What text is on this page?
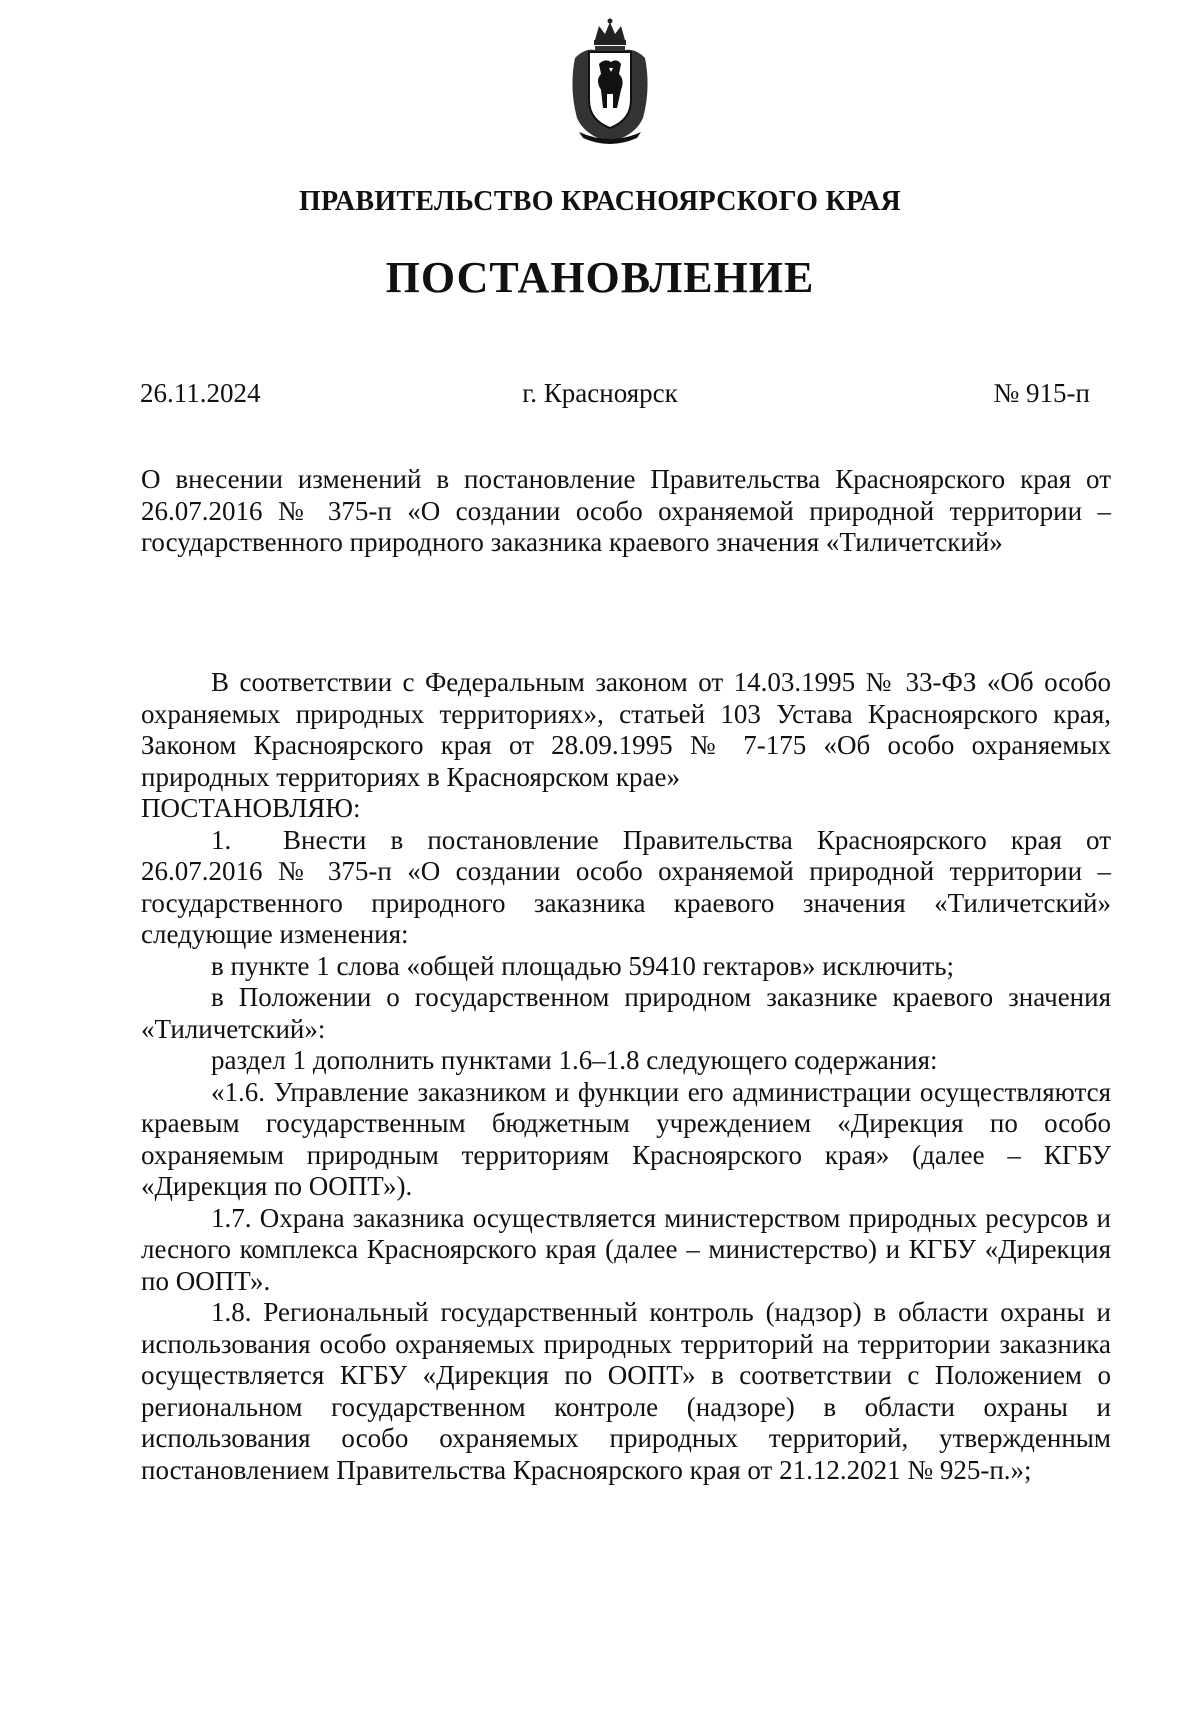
ПРАВИТЕЛЬСТВО КРАСНОЯРСКОГО КРАЯ
ПОСТАНОВЛЕНИЕ
26.11.2024	г. Красноярск	№ 915-п

О внесении изменений в постановление Правительства Красноярского края от 26.07.2016 № 375-п «О создании особо охраняемой природной территории – государственного природного заказника краевого значения «Тиличетский»

В соответствии с Федеральным законом от 14.03.1995 № 33-ФЗ «Об особо охраняемых природных территориях», статьей 103 Устава Красноярского края, Законом Красноярского края от 28.09.1995 № 7-175 «Об особо охраняемых природных территориях в Красноярском крае»

ПОСТАНОВЛЯЮ:

1. Внести в постановление Правительства Красноярского края от 26.07.2016 № 375-п «О создании особо охраняемой природной территории – государственного природного заказника краевого значения «Тиличетский» следующие изменения:

в пункте 1 слова «общей площадью 59410 гектаров» исключить;

в Положении о государственном природном заказнике краевого значения «Тиличетский»:

раздел 1 дополнить пунктами 1.6–1.8 следующего содержания:

«1.6. Управление заказником и функции его администрации осуществляются краевым государственным бюджетным учреждением «Дирекция по особо охраняемым природным территориям Красноярского края» (далее – КГБУ «Дирекция по ООПТ»).

1.7. Охрана заказника осуществляется министерством природных ресурсов и лесного комплекса Красноярского края (далее – министерство) и КГБУ «Дирекция по ООПТ».

1.8. Региональный государственный контроль (надзор) в области охраны и использования особо охраняемых природных территорий на территории заказника осуществляется КГБУ «Дирекция по ООПТ» в соответствии с Положением о региональном государственном контроле (надзоре) в области охраны и использования особо охраняемых природных территорий, утвержденным постановлением Правительства Красноярского края от 21.12.2021 № 925-п.»;
